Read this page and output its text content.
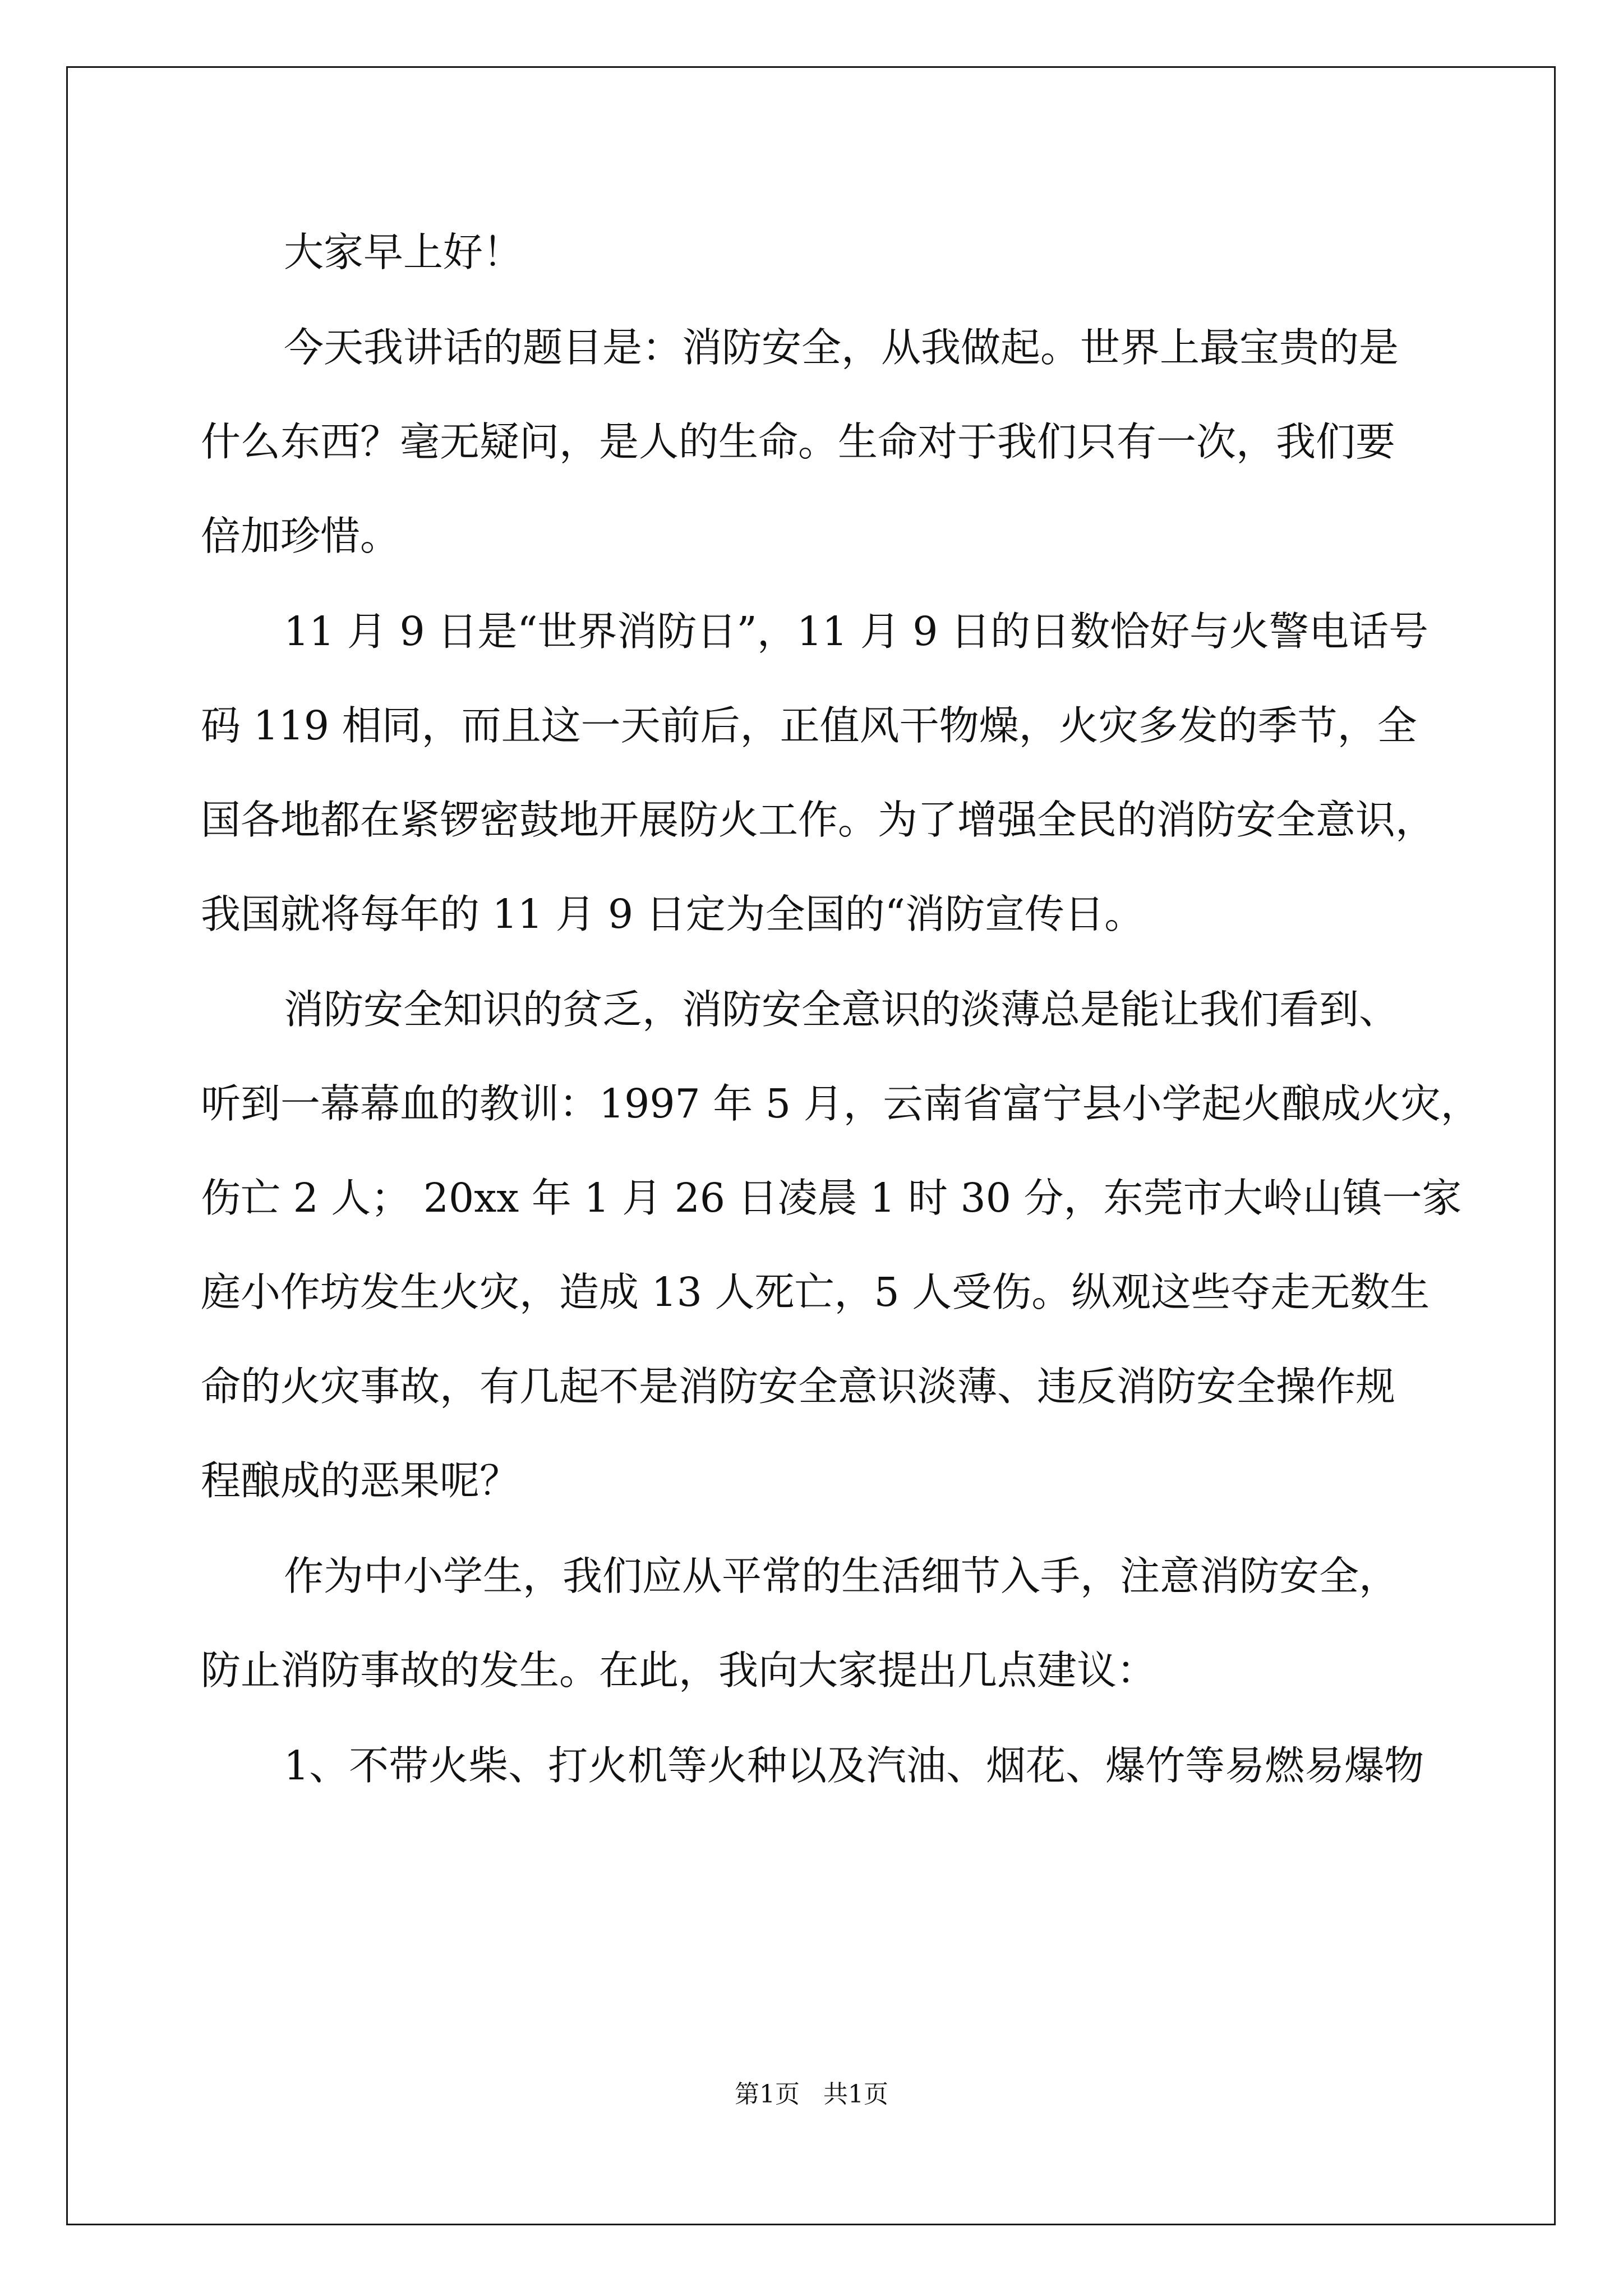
大家早上好！
今天我讲话的题目是：消防安全，从我做起。世界上最宝贵的是
什么东西？毫无疑问，是人的生命。生命对于我们只有一次，我们要
倍加珍惜。
11 月 9 日是“世界消防日”，11 月 9 日的日数恰好与火警电话号
码 119 相同，而且这一天前后，正值风干物燥，火灾多发的季节，全
国各地都在紧锣密鼓地开展防火工作。为了增强全民的消防安全意识，
我国就将每年的 11 月 9 日定为全国的“消防宣传日。
消防安全知识的贫乏，消防安全意识的淡薄总是能让我们看到、
听到一幕幕血的教训：1997 年 5 月，云南省富宁县小学起火酿成火灾，
伤亡 2 人； 20xx 年 1 月 26 日凌晨 1 时 30 分，东莞市大岭山镇一家
庭小作坊发生火灾，造成 13 人死亡，5 人受伤。纵观这些夺走无数生
命的火灾事故，有几起不是消防安全意识淡薄、违反消防安全操作规
程酿成的恶果呢？
作为中小学生，我们应从平常的生活细节入手，注意消防安全，
防止消防事故的发生。在此，我向大家提出几点建议：
1、不带火柴、打火机等火种以及汽油、烟花、爆竹等易燃易爆物
第1页   共1页
